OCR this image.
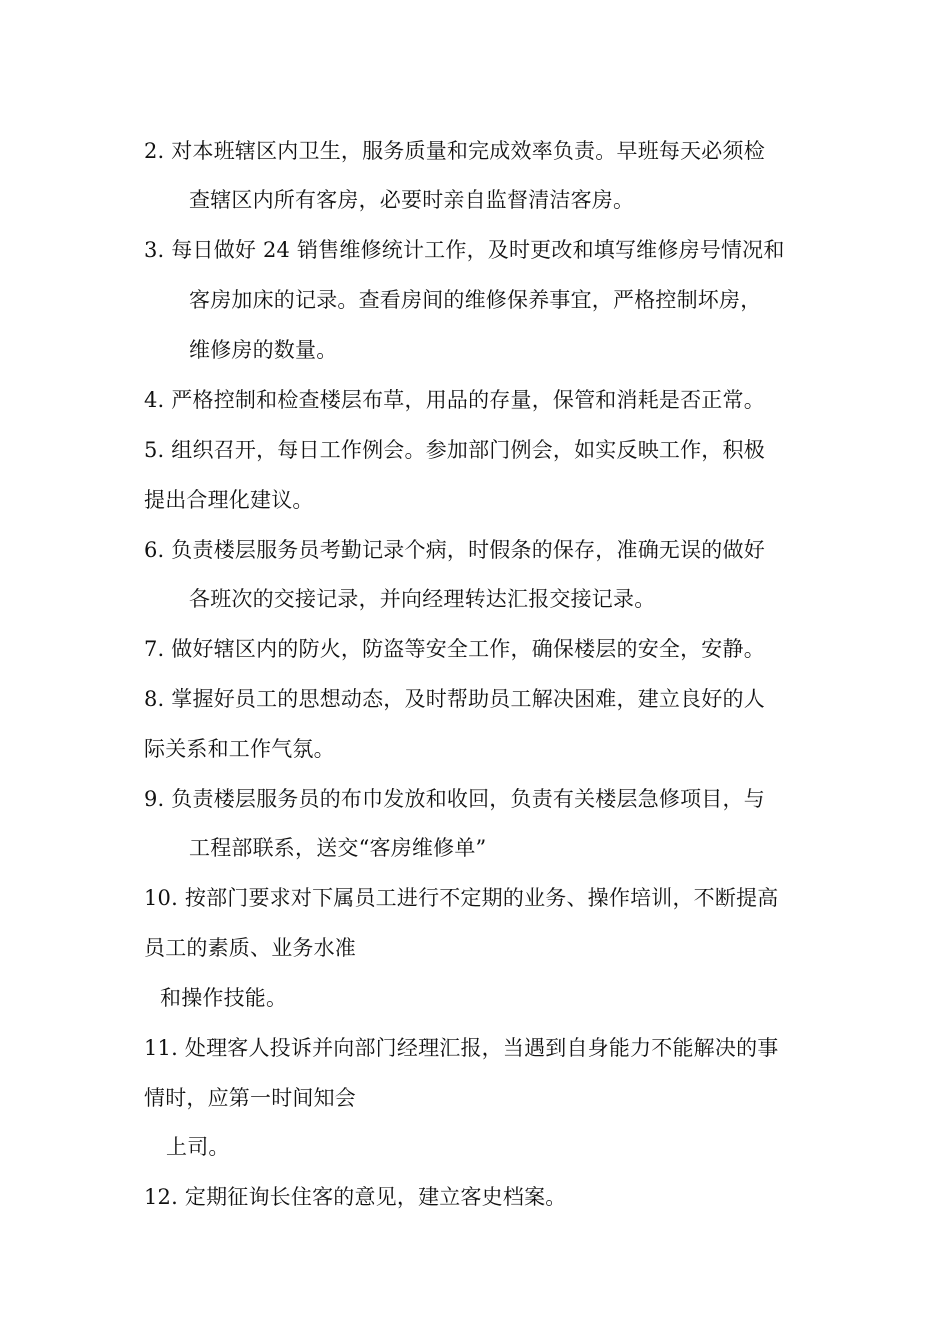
2. 对本班辖区内卫生，服务质量和完成效率负责。早班每天必须检
查辖区内所有客房，必要时亲自监督清洁客房。
3. 每日做好 24 销售维修统计工作，及时更改和填写维修房号情况和
客房加床的记录。查看房间的维修保养事宜，严格控制坏房，
维修房的数量。
4. 严格控制和检查楼层布草，用品的存量，保管和消耗是否正常。
5. 组织召开，每日工作例会。参加部门例会，如实反映工作，积极
提出合理化建议。
6. 负责楼层服务员考勤记录个病，时假条的保存，准确无误的做好
各班次的交接记录，并向经理转达汇报交接记录。
7. 做好辖区内的防火，防盗等安全工作，确保楼层的安全，安静。
8. 掌握好员工的思想动态，及时帮助员工解决困难，建立良好的人
际关系和工作气氛。
9. 负责楼层服务员的布巾发放和收回，负责有关楼层急修项目，与
工程部联系，送交“客房维修单”
10. 按部门要求对下属员工进行不定期的业务、操作培训，不断提高
员工的素质、业务水准
和操作技能。
11. 处理客人投诉并向部门经理汇报，当遇到自身能力不能解决的事
情时，应第一时间知会
上司。
12. 定期征询长住客的意见，建立客史档案。
